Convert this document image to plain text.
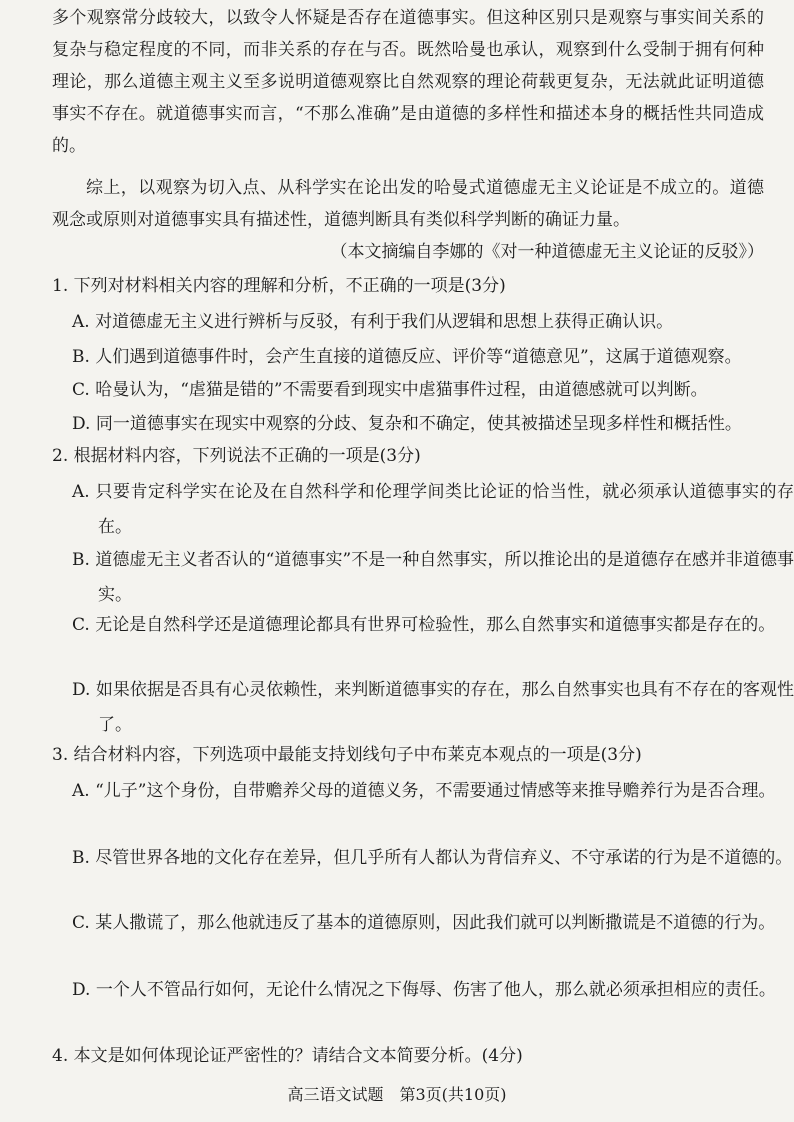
多个观察常分歧较大，以致令人怀疑是否存在道德事实。但这种区别只是观察与事实间关系的复杂与稳定程度的不同，而非关系的存在与否。既然哈曼也承认，观察到什么受制于拥有何种理论，那么道德主观主义至多说明道德观察比自然观察的理论荷载更复杂，无法就此证明道德事实不存在。就道德事实而言，“不那么准确”是由道德的多样性和描述本身的概括性共同造成的。

综上，以观察为切入点、从科学实在论出发的哈曼式道德虚无主义论证是不成立的。道德观念或原则对道德事实具有描述性，道德判断具有类似科学判断的确证力量。

（本文摘编自李娜的《对一种道德虚无主义论证的反驳》）

1. 下列对材料相关内容的理解和分析，不正确的一项是(3分)

A. 对道德虚无主义进行辨析与反驳，有利于我们从逻辑和思想上获得正确认识。

B. 人们遇到道德事件时，会产生直接的道德反应、评价等“道德意见”，这属于道德观察。

C. 哈曼认为，“虐猫是错的”不需要看到现实中虐猫事件过程，由道德感就可以判断。

D. 同一道德事实在现实中观察的分歧、复杂和不确定，使其被描述呈现多样性和概括性。

2. 根据材料内容，下列说法不正确的一项是(3分)

A. 只要肯定科学实在论及在自然科学和伦理学间类比论证的恰当性，就必须承认道德事实的存在。

B. 道德虚无主义者否认的“道德事实”不是一种自然事实，所以推论出的是道德存在感并非道德事实。

C. 无论是自然科学还是道德理论都具有世界可检验性，那么自然事实和道德事实都是存在的。

D. 如果依据是否具有心灵依赖性，来判断道德事实的存在，那么自然事实也具有不存在的客观性了。

3. 结合材料内容，下列选项中最能支持划线句子中布莱克本观点的一项是(3分)

A. “儿子”这个身份，自带赡养父母的道德义务，不需要通过情感等来推导赡养行为是否合理。

B. 尽管世界各地的文化存在差异，但几乎所有人都认为背信弃义、不守承诺的行为是不道德的。

C. 某人撒谎了，那么他就违反了基本的道德原则，因此我们就可以判断撒谎是不道德的行为。

D. 一个人不管品行如何，无论什么情况之下侮辱、伤害了他人，那么就必须承担相应的责任。

4. 本文是如何体现论证严密性的？请结合文本简要分析。(4分)

高三语文试题　第3页(共10页)
